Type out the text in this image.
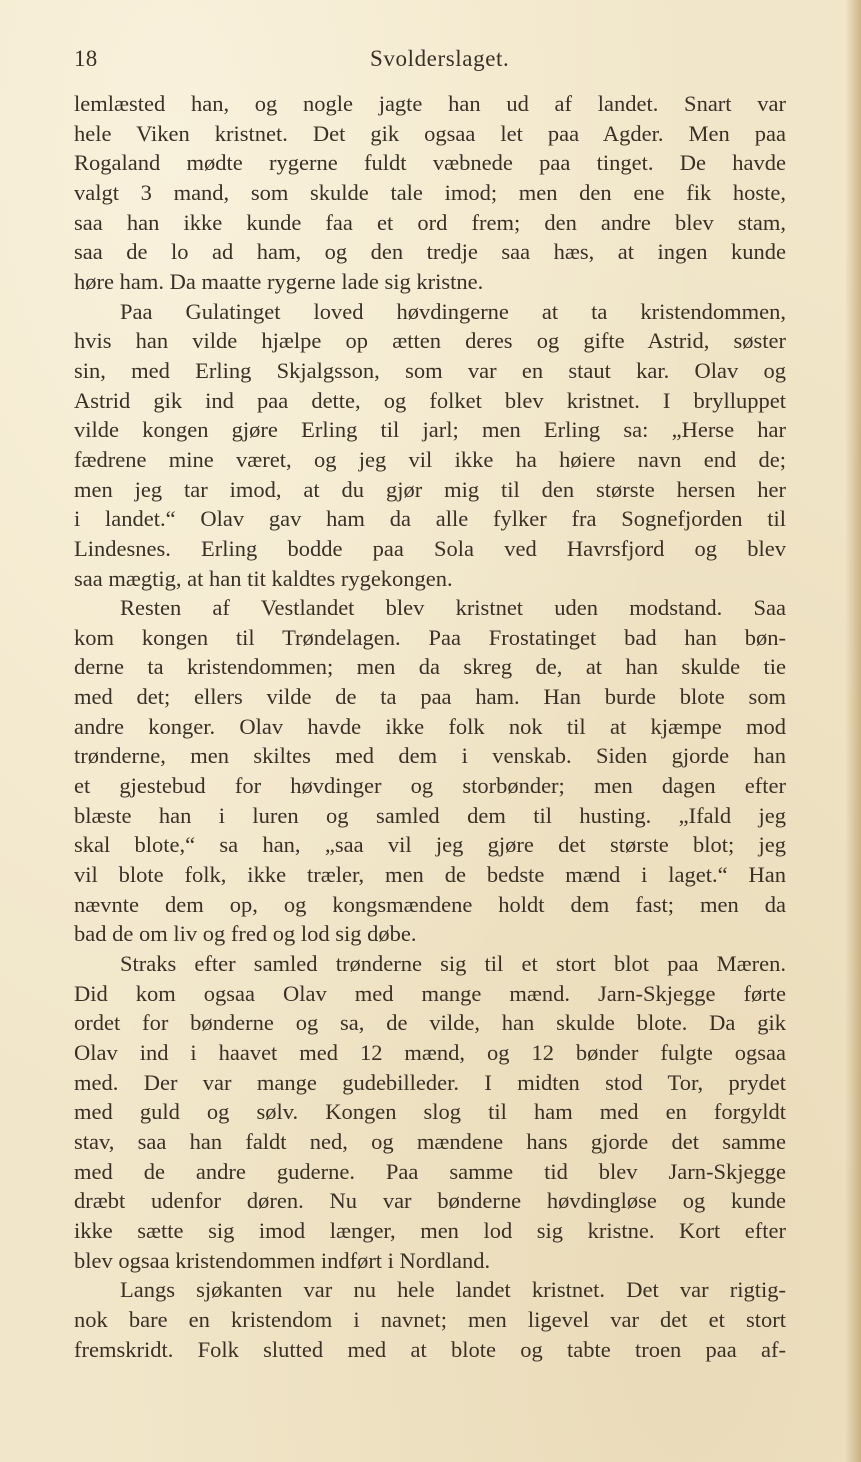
18	Svolderslaget.
lemlæsted han, og nogle jagte han ud af landet. Snart var
hele Viken kristnet. Det gik ogsaa let paa Agder. Men paa
Rogaland mødte rygerne fuldt væbnede paa tinget. De havde
valgt 3 mand, som skulde tale imod; men den ene fik hoste,
saa han ikke kunde faa et ord frem; den andre blev stam,
saa de lo ad ham, og den tredje saa hæs, at ingen kunde
høre ham. Da maatte rygerne lade sig kristne.
Paa Gulatinget loved høvdingerne at ta kristendommen,
hvis han vilde hjælpe op ætten deres og gifte Astrid, søster
sin, med Erling Skjalgsson, som var en staut kar. Olav og
Astrid gik ind paa dette, og folket blev kristnet. I brylluppet
vilde kongen gjøre Erling til jarl; men Erling sa: „Herse har
fædrene mine været, og jeg vil ikke ha høiere navn end de;
men jeg tar imod, at du gjør mig til den største hersen her
i landet.“ Olav gav ham da alle fylker fra Sognefjorden til
Lindesnes. Erling bodde paa Sola ved Havrsfjord og blev
saa mægtig, at han tit kaldtes rygekongen.
Resten af Vestlandet blev kristnet uden modstand. Saa
kom kongen til Trøndelagen. Paa Frostatinget bad han bøn-
derne ta kristendommen; men da skreg de, at han skulde tie
med det; ellers vilde de ta paa ham. Han burde blote som
andre konger. Olav havde ikke folk nok til at kjæmpe mod
trønderne, men skiltes med dem i venskab. Siden gjorde han
et gjestebud for høvdinger og storbønder; men dagen efter
blæste han i luren og samled dem til husting. „Ifald jeg
skal blote,“ sa han, „saa vil jeg gjøre det største blot; jeg
vil blote folk, ikke træler, men de bedste mænd i laget.“ Han
nævnte dem op, og kongsmændene holdt dem fast; men da
bad de om liv og fred og lod sig døbe.
Straks efter samled trønderne sig til et stort blot paa Mæren.
Did kom ogsaa Olav med mange mænd. Jarn-Skjegge førte
ordet for bønderne og sa, de vilde, han skulde blote. Da gik
Olav ind i haavet med 12 mænd, og 12 bønder fulgte ogsaa
med. Der var mange gudebilleder. I midten stod Tor, prydet
med guld og sølv. Kongen slog til ham med en forgyldt
stav, saa han faldt ned, og mændene hans gjorde det samme
med de andre guderne. Paa samme tid blev Jarn-Skjegge
dræbt udenfor døren. Nu var bønderne høvdingløse og kunde
ikke sætte sig imod længer, men lod sig kristne. Kort efter
blev ogsaa kristendommen indført i Nordland.
Langs sjøkanten var nu hele landet kristnet. Det var rigtig-
nok bare en kristendom i navnet; men ligevel var det et stort
fremskridt. Folk slutted med at blote og tabte troen paa af-
